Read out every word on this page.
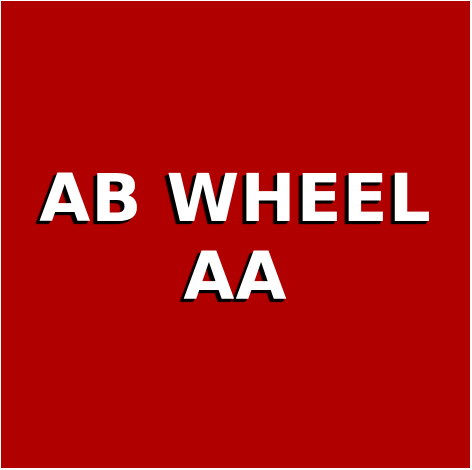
AB WHEEL
AA
